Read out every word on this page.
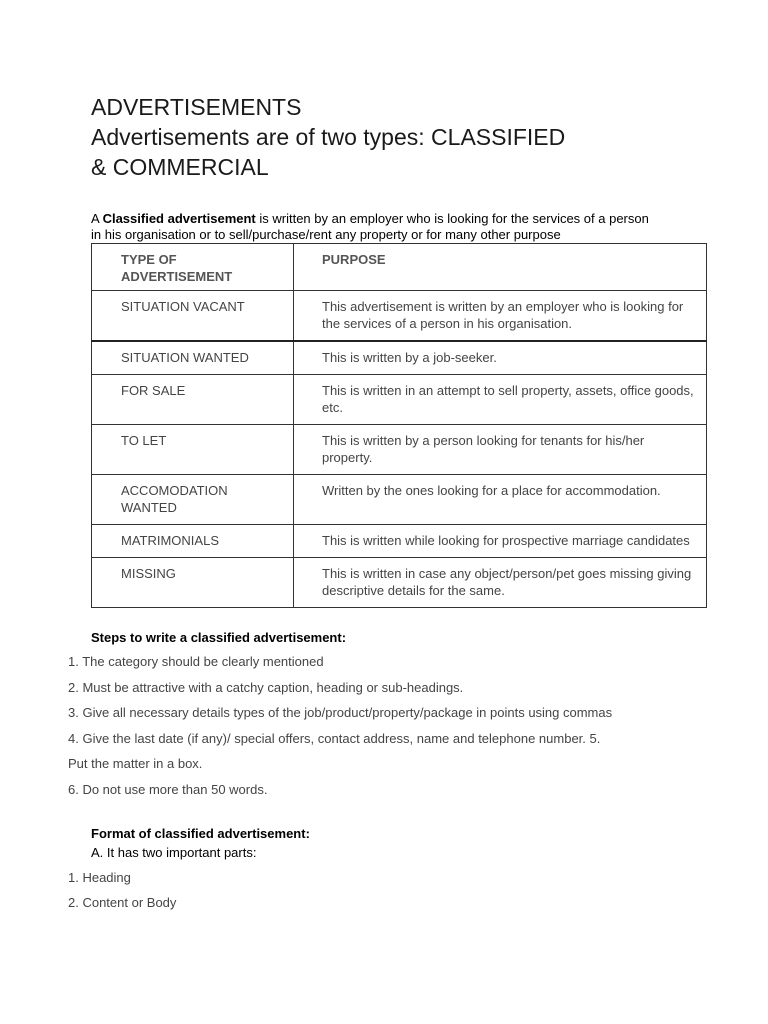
ADVERTISEMENTS
Advertisements are of two types: CLASSIFIED
& COMMERCIAL

A Classified advertisement is written by an employer who is looking for the services of a person
in his organisation or to sell/purchase/rent any property or for many other purpose

TYPE OF ADVERTISEMENT	PURPOSE
SITUATION VACANT	This advertisement is written by an employer who is looking for the services of a person in his organisation.
SITUATION WANTED	This is written by a job-seeker.
FOR SALE	This is written in an attempt to sell property, assets, office goods, etc.
TO LET	This is written by a person looking for tenants for his/her property.
ACCOMODATION WANTED	Written by the ones looking for a place for accommodation.
MATRIMONIALS	This is written while looking for prospective marriage candidates
MISSING	This is written in case any object/person/pet goes missing giving descriptive details for the same.

Steps to write a classified advertisement:

1. The category should be clearly mentioned
2. Must be attractive with a catchy caption, heading or sub-headings.
3. Give all necessary details types of the job/product/property/package in points using commas
4. Give the last date (if any)/ special offers, contact address, name and telephone number. 5.
Put the matter in a box.
6. Do not use more than 50 words.

Format of classified advertisement:

A. It has two important parts:

1. Heading
2. Content or Body
